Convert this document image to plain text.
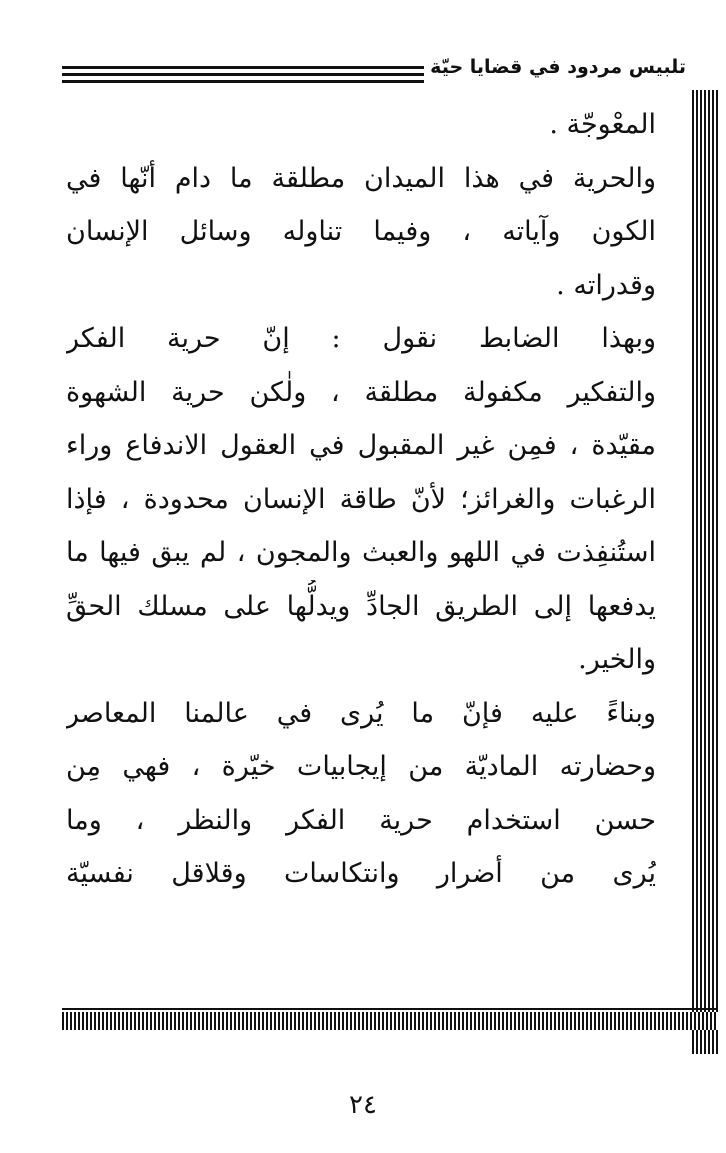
تلبيس مردود في قضايا حيّة
المعْوجّة .
والحرية في هذا الميدان مطلقة ما دام أنّها في
الكون وآياته ، وفيما تناوله وسائل الإنسان
وقدراته .
وبهذا الضابط نقول : إنّ حرية الفكر
والتفكير مكفولة مطلقة ، ولٰكن حرية الشهوة
مقيّدة ، فمِن غير المقبول في العقول الاندفاع وراء
الرغبات والغرائز؛ لأنّ طاقة الإنسان محدودة ، فإذا
استُنفِذت في اللهو والعبث والمجون ، لم يبق فيها ما
يدفعها إلى الطريق الجادِّ ويدلُّها على مسلك الحقِّ
والخير.
وبناءً عليه فإنّ ما يُرى في عالمنا المعاصر
وحضارته الماديّة من إيجابيات خيّرة ، فهي مِن
حسن استخدام حرية الفكر والنظر ، وما
يُرى من أضرار وانتكاسات وقلاقل نفسيّة
٢٤
